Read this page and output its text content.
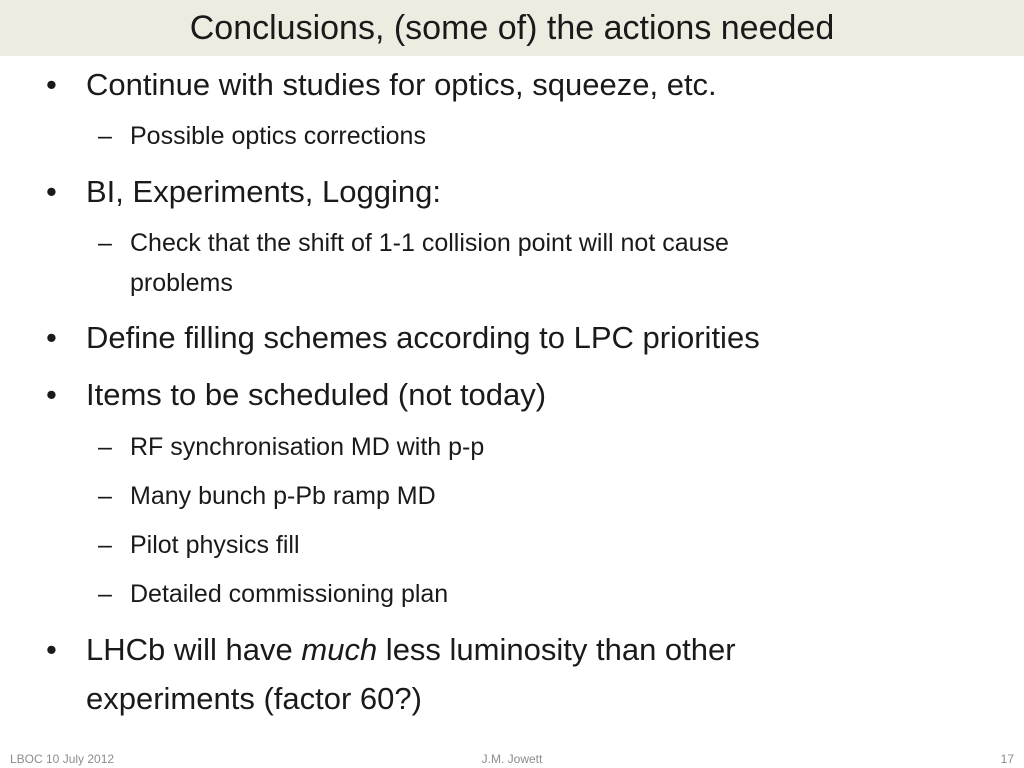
Conclusions, (some of) the actions needed
• Continue with studies for optics, squeeze, etc.
– Possible optics corrections
• BI, Experiments, Logging:
– Check that the shift of 1-1 collision point will not cause
problems
• Define filling schemes according to LPC priorities
• Items to be scheduled (not today)
– RF synchronisation MD with p-p
– Many bunch p-Pb ramp MD
– Pilot physics fill
– Detailed commissioning plan
• LHCb will have much less luminosity than other
experiments (factor 60?)
LBOC 10 July 2012	J.M. Jowett	17
